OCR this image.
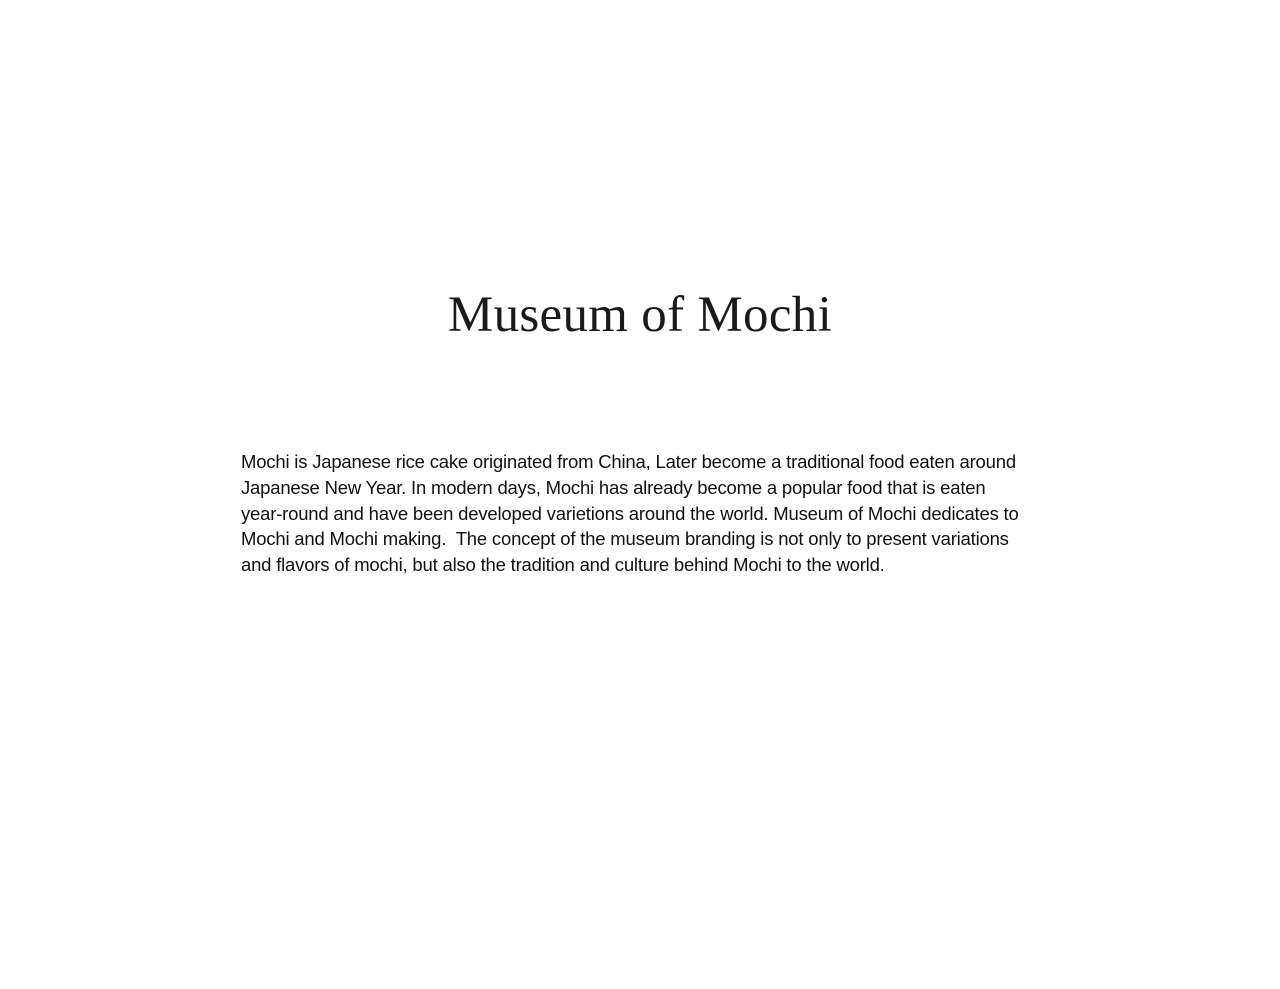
Museum of Mochi
Mochi is Japanese rice cake originated from China, Later become a traditional food eaten around
Japanese New Year. In modern days, Mochi has already become a popular food that is eaten
year-round and have been developed varietions around the world. Museum of Mochi dedicates to
Mochi and Mochi making.  The concept of the museum branding is not only to present variations
and flavors of mochi, but also the tradition and culture behind Mochi to the world.
